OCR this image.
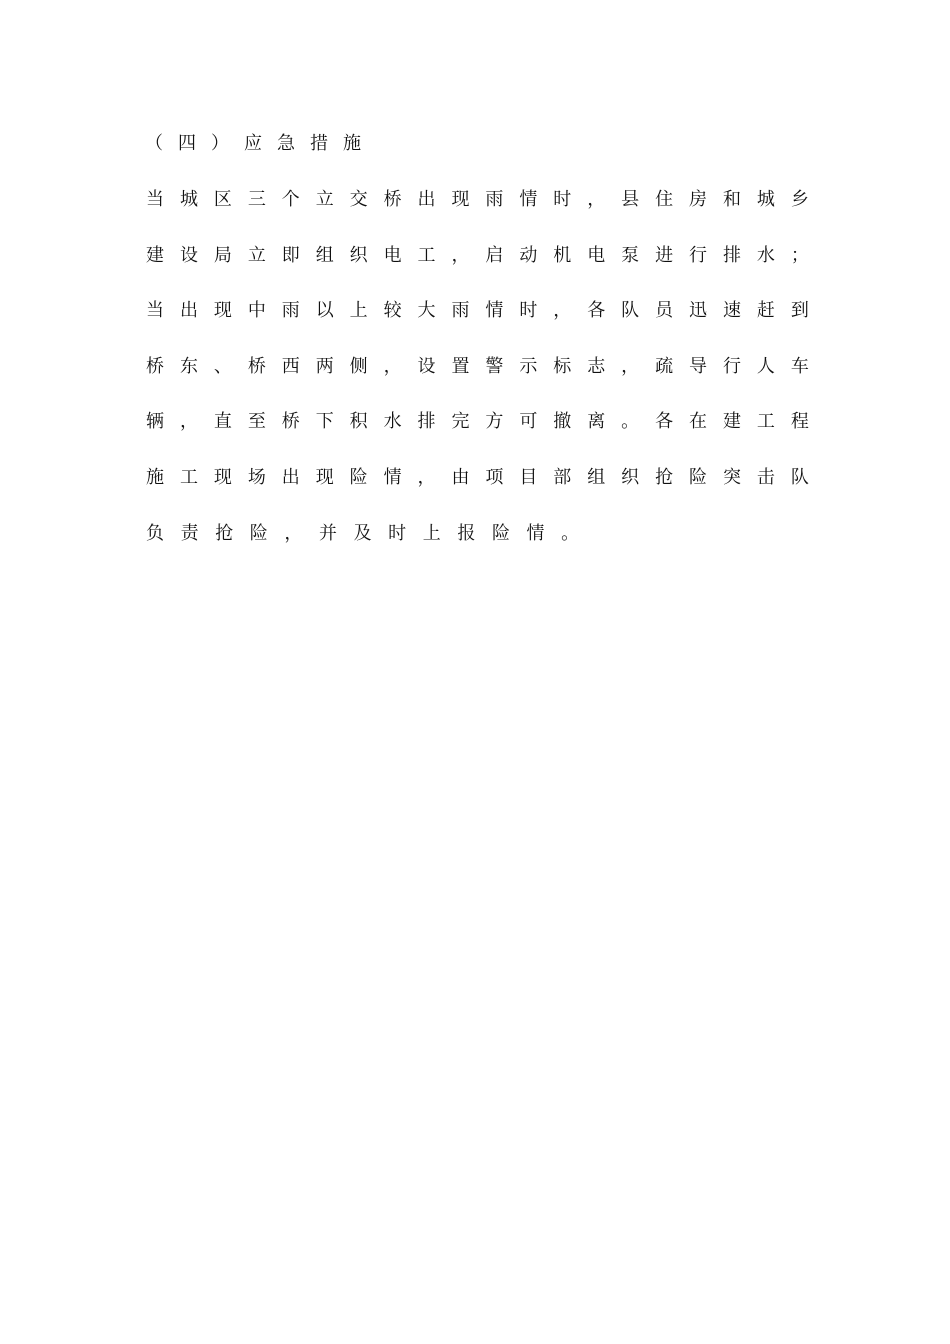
（四）应急措施
当 城 区 三 个 立 交 桥 出 现 雨 情 时 ， 县 住 房 和 城 乡
建 设 局 立 即 组 织 电 工 ， 启 动 机 电 泵 进 行 排 水 ；
当 出 现 中 雨 以 上 较 大 雨 情 时 ， 各 队 员 迅 速 赶 到
桥 东 、 桥 西 两 侧 ， 设 置 警 示 标 志 ， 疏 导 行 人 车
辆 ， 直 至 桥 下 积 水 排 完 方 可 撤 离 。 各 在 建 工 程
施 工 现 场 出 现 险 情 ， 由 项 目 部 组 织 抢 险 突 击 队
负 责 抢 险 ， 并 及 时 上 报 险 情 。
